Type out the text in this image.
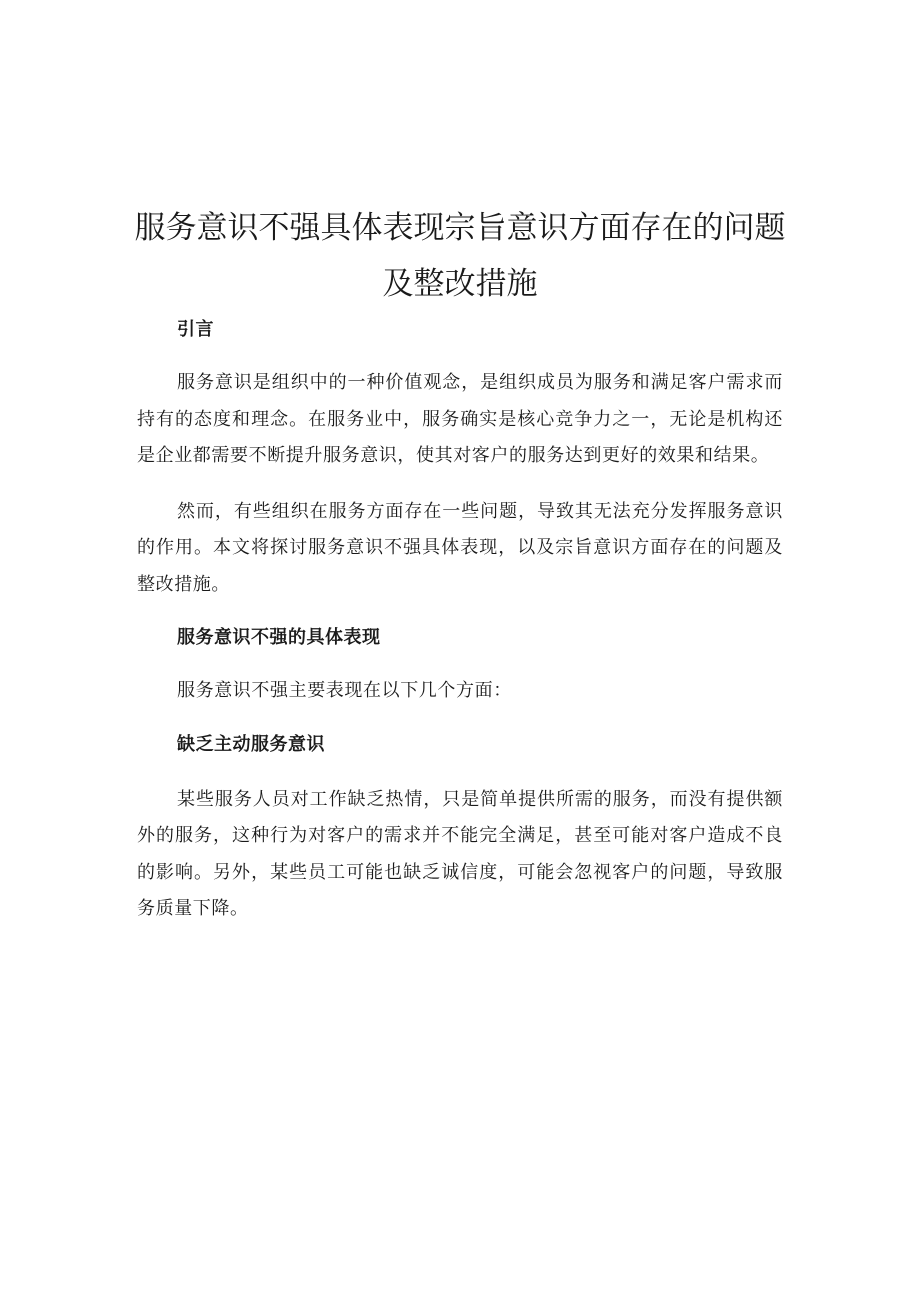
服务意识不强具体表现宗旨意识方面存在的问题及整改措施

引言

服务意识是组织中的一种价值观念，是组织成员为服务和满足客户需求而持有的态度和理念。在服务业中，服务确实是核心竞争力之一，无论是机构还是企业都需要不断提升服务意识，使其对客户的服务达到更好的效果和结果。

然而，有些组织在服务方面存在一些问题，导致其无法充分发挥服务意识的作用。本文将探讨服务意识不强具体表现，以及宗旨意识方面存在的问题及整改措施。

服务意识不强的具体表现

服务意识不强主要表现在以下几个方面：

缺乏主动服务意识

某些服务人员对工作缺乏热情，只是简单提供所需的服务，而没有提供额外的服务，这种行为对客户的需求并不能完全满足，甚至可能对客户造成不良的影响。另外，某些员工可能也缺乏诚信度，可能会忽视客户的问题，导致服务质量下降。
